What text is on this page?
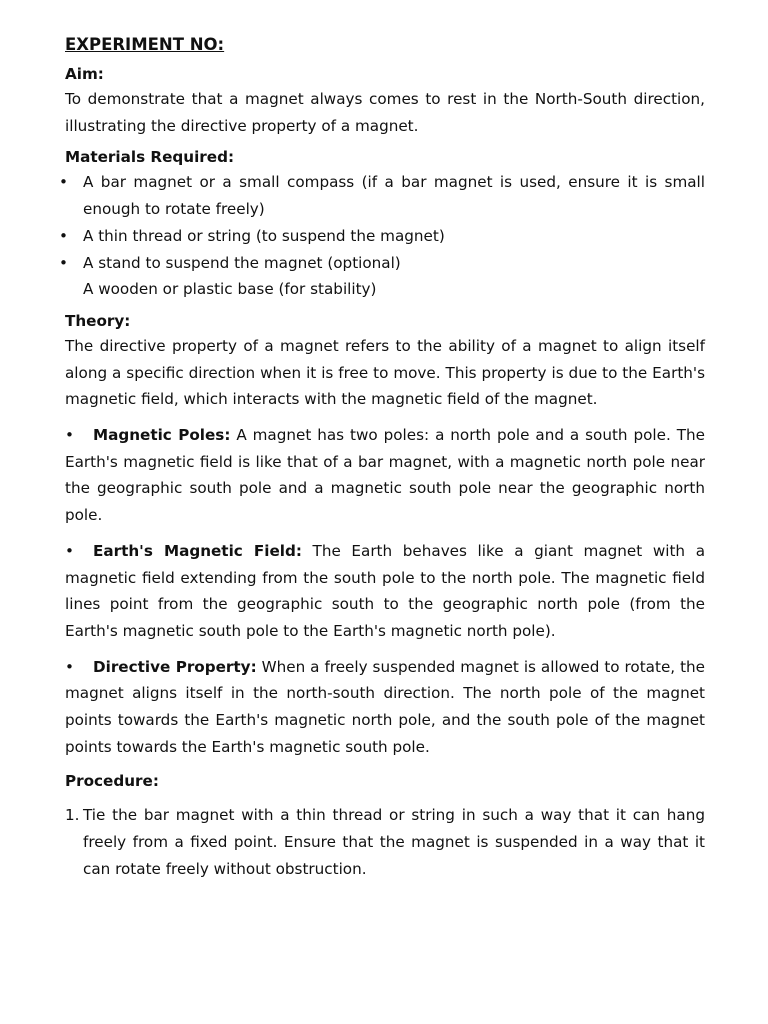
EXPERIMENT NO:
Aim:

To demonstrate that a magnet always comes to rest in the North-South direction, illustrating the directive property of a magnet.

Materials Required:
• A bar magnet or a small compass (if a bar magnet is used, ensure it is small enough to rotate freely)
• A thin thread or string (to suspend the magnet)
• A stand to suspend the magnet (optional)
A wooden or plastic base (for stability)
Theory:

The directive property of a magnet refers to the ability of a magnet to align itself along a specific direction when it is free to move. This property is due to the Earth's magnetic field, which interacts with the magnetic field of the magnet.

• Magnetic Poles: A magnet has two poles: a north pole and a south pole. The Earth's magnetic field is like that of a bar magnet, with a magnetic north pole near the geographic south pole and a magnetic south pole near the geographic north pole.

• Earth's Magnetic Field: The Earth behaves like a giant magnet with a magnetic field extending from the south pole to the north pole. The magnetic field lines point from the geographic south to the geographic north pole (from the Earth's magnetic south pole to the Earth's magnetic north pole).

• Directive Property: When a freely suspended magnet is allowed to rotate, the magnet aligns itself in the north-south direction. The north pole of the magnet points towards the Earth's magnetic north pole, and the south pole of the magnet points towards the Earth's magnetic south pole.

Procedure:
1. Tie the bar magnet with a thin thread or string in such a way that it can hang freely from a fixed point. Ensure that the magnet is suspended in a way that it can rotate freely without obstruction.
